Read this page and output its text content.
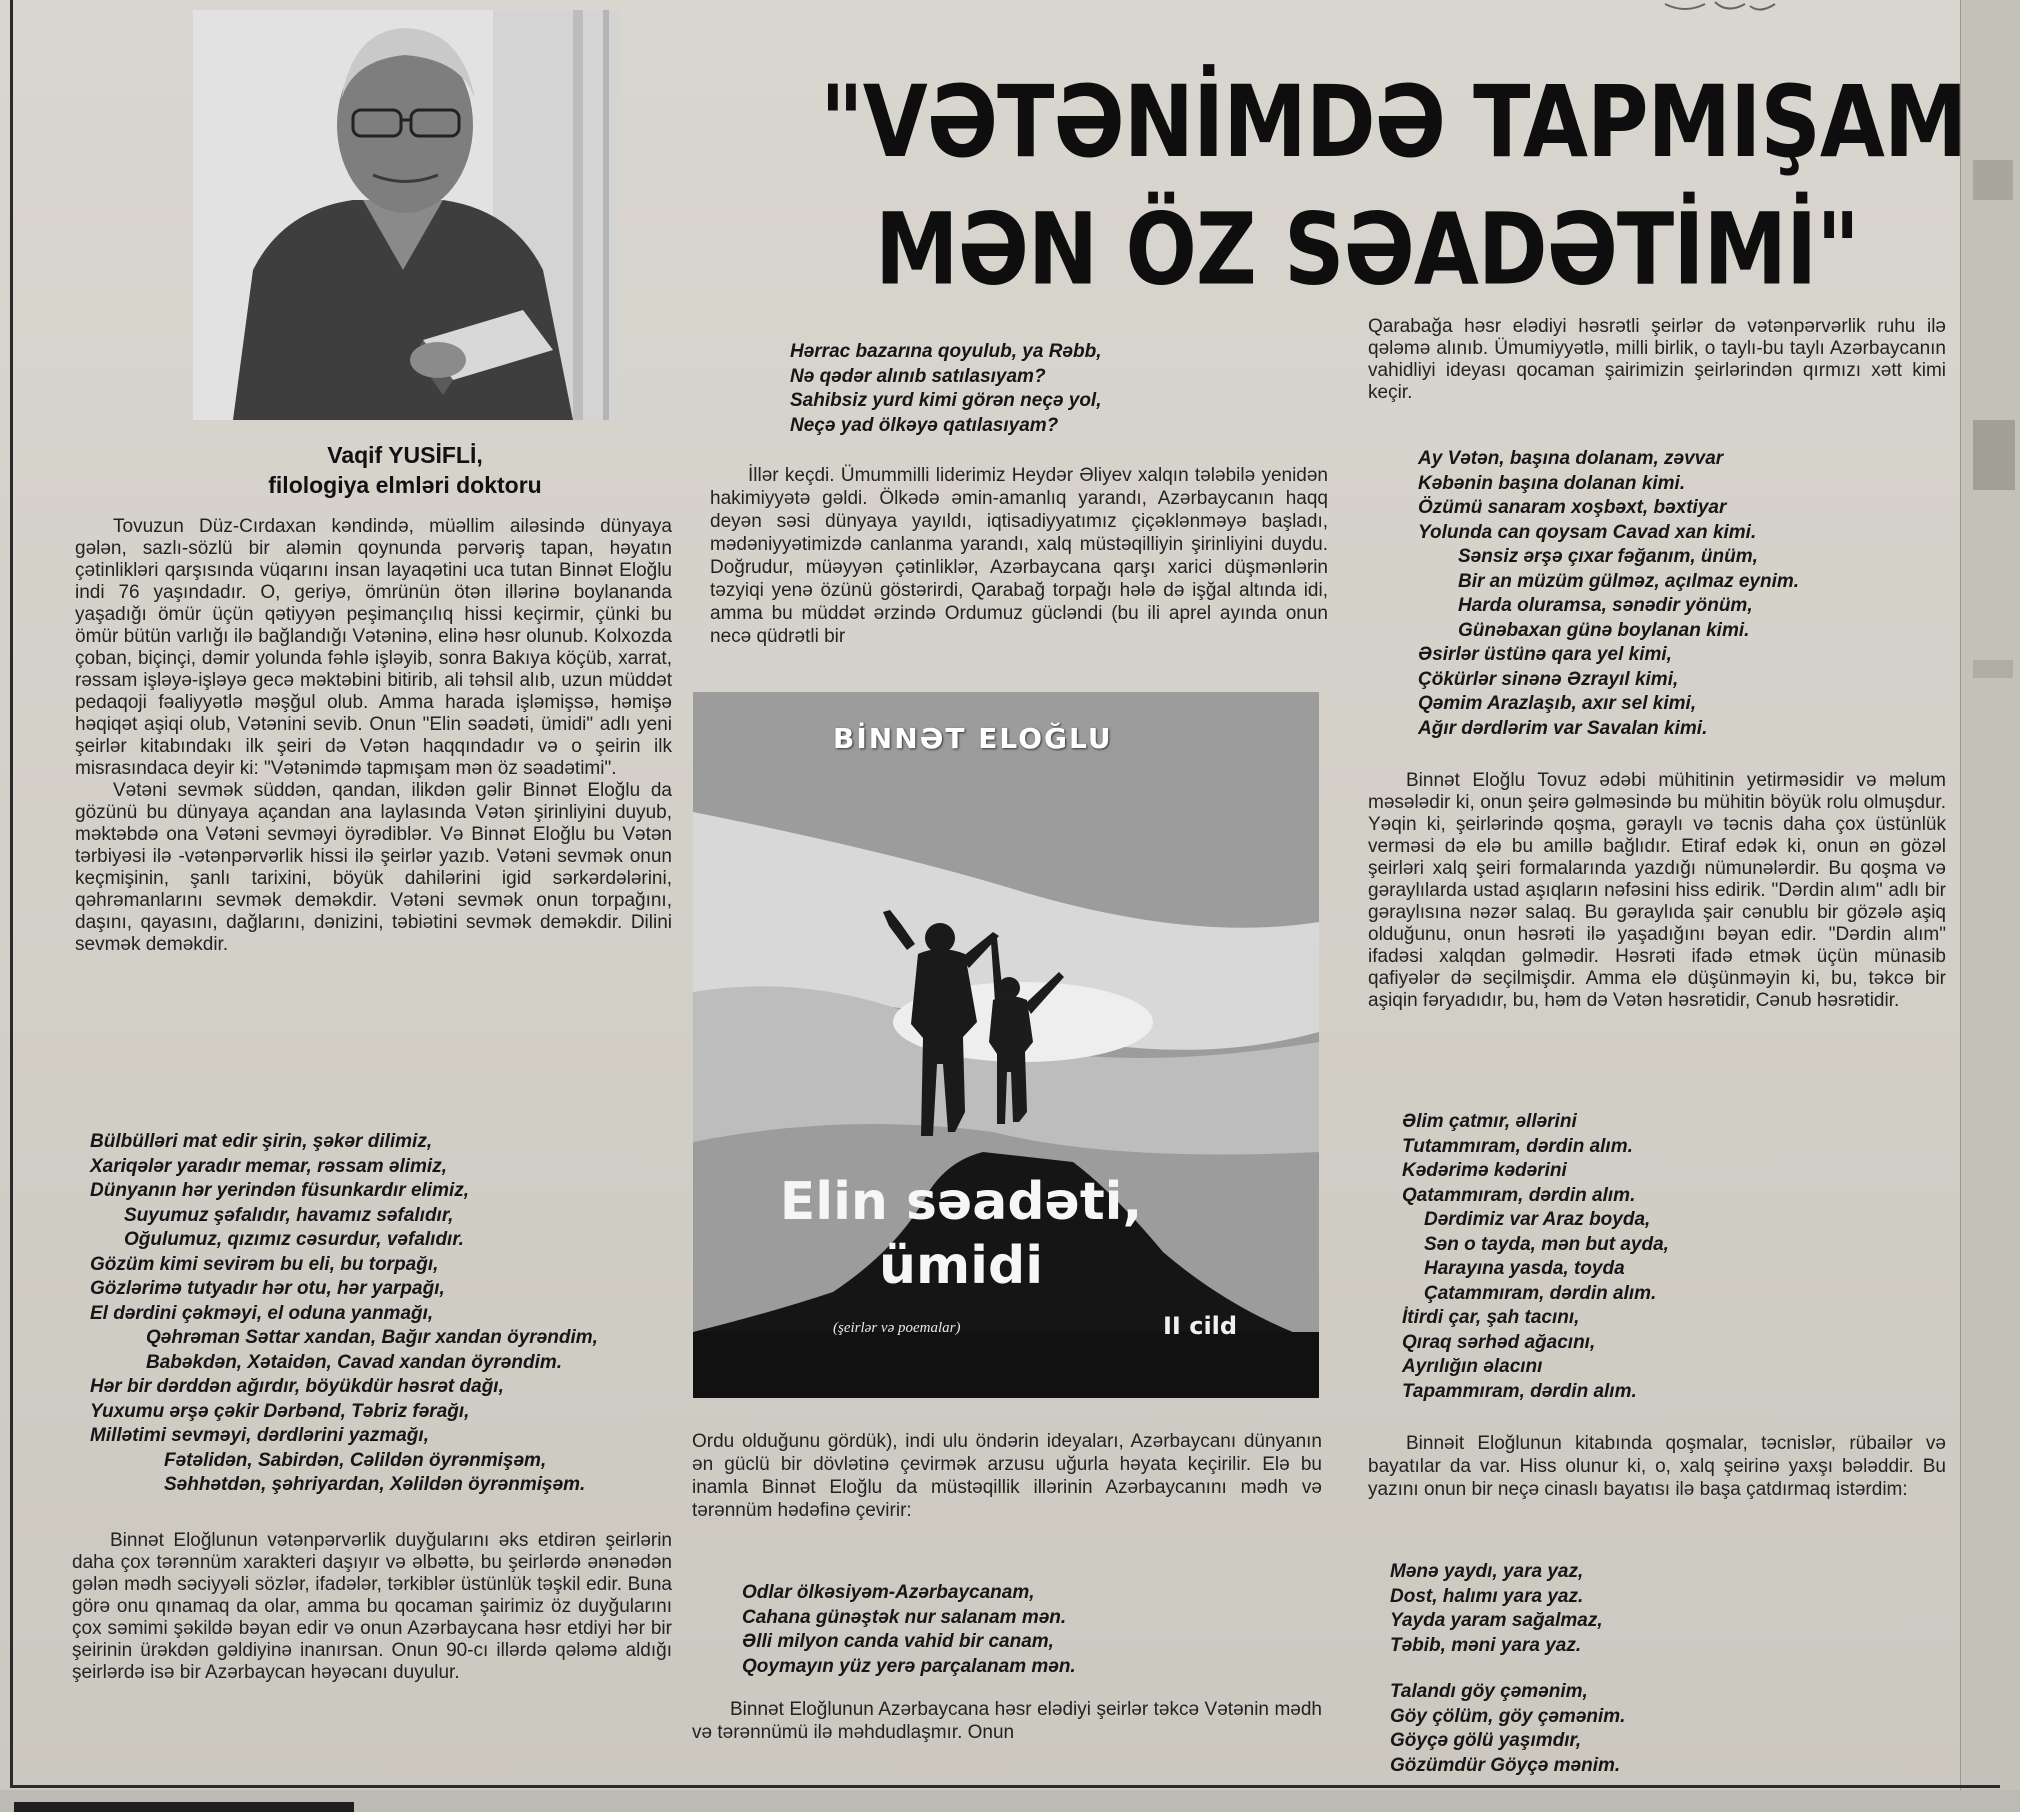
Vaqif YUSİFLİ,
filologiya elmləri doktoru
"VƏTƏNİMDƏ TAPMIŞAM
MƏN ÖZ SƏADƏTİMİ"

Tovuzun Düz-Cırdaxan kəndində, müəllim ailəsində dünyaya gələn, sazlı-sözlü bir aləmin qoynunda pərvəriş tapan, həyatın çətinlikləri qarşısında vüqarını insan layaqətini uca tutan Binnət Eloğlu indi 76 yaşındadır. O, geriyə, ömrünün ötən illərinə boylananda yaşadığı ömür üçün qətiyyən peşimançılıq hissi keçirmir, çünki bu ömür bütün varlığı ilə bağlandığı Vətəninə, elinə həsr olunub. Kolxozda çoban, biçinçi, dəmir yolunda fəhlə işləyib, sonra Bakıya köçüb, xarrat, rəssam işləyə-işləyə gecə məktəbini bitirib, ali təhsil alıb, uzun müddət pedaqoji fəaliyyətlə məşğul olub. Amma harada işləmişsə, həmişə həqiqət aşiqi olub, Vətənini sevib. Onun "Elin səadəti, ümidi" adlı yeni şeirlər kitabındakı ilk şeiri də Vətən haqqındadır və o şeirin ilk misrasındaca deyir ki: "Vətənimdə tapmışam mən öz səadətimi".

Vətəni sevmək süddən, qandan, ilikdən gəlir Binnət Eloğlu da gözünü bu dünyaya açandan ana laylasında Vətən şirinliyini duyub, məktəbdə ona Vətəni sevməyi öyrədiblər. Və Binnət Eloğlu bu Vətən tərbiyəsi ilə -vətənpərvərlik hissi ilə şeirlər yazıb. Vətəni sevmək onun keçmişinin, şanlı tarixini, böyük dahilərini igid sərkərdələrini, qəhrəmanlarını sevmək deməkdir. Vətəni sevmək onun torpağını, daşını, qayasını, dağlarını, dənizini, təbiətini sevmək deməkdir. Dilini sevmək deməkdir.

Bülbülləri mat edir şirin, şəkər dilimiz,
Xariqələr yaradır memar, rəssam əlimiz,
Dünyanın hər yerindən füsunkardır elimiz,
Suyumuz şəfalıdır, havamız səfalıdır,
Oğulumuz, qızımız cəsurdur, vəfalıdır.
Gözüm kimi sevirəm bu eli, bu torpağı,
Gözlərimə tutyadır hər otu, hər yarpağı,
El dərdini çəkməyi, el oduna yanmağı,
Qəhrəman Səttar xandan, Bağır xandan öyrəndim,
Babəkdən, Xətaidən, Cavad xandan öyrəndim.
Hər bir dərddən ağırdır, böyükdür həsrət dağı,
Yuxumu ərşə çəkir Dərbənd, Təbriz fərağı,
Millətimi sevməyi, dərdlərini yazmağı,
Fətəlidən, Sabirdən, Cəlildən öyrənmişəm,
Səhhətdən, şəhriyardan, Xəlildən öyrənmişəm.

Binnət Eloğlunun vətənpərvərlik duyğularını əks etdirən şeirlərin daha çox tərənnüm xarakteri daşıyır və əlbəttə, bu şeirlərdə ənənədən gələn mədh səciyyəli sözlər, ifadələr, tərkiblər üstünlük təşkil edir. Buna görə onu qınamaq da olar, amma bu qocaman şairimiz öz duyğularını çox səmimi şəkildə bəyan edir və onun Azərbaycana həsr etdiyi hər bir şeirinin ürəkdən gəldiyinə inanırsan. Onun 90-cı illərdə qələmə aldığı şeirlərdə isə bir Azərbaycan həyəcanı duyulur.

Hərrac bazarına qoyulub, ya Rəbb,
Nə qədər alınıb satılasıyam?
Sahibsiz yurd kimi görən neçə yol,
Neçə yad ölkəyə qatılasıyam?

İllər keçdi. Ümummilli liderimiz Heydər Əliyev xalqın tələbilə yenidən hakimiyyətə gəldi. Ölkədə əmin-amanlıq yarandı, Azərbaycanın haqq deyən səsi dünyaya yayıldı, iqtisadiyyatımız çiçəklənməyə başladı, mədəniyyətimizdə canlanma yarandı, xalq müstəqilliyin şirinliyini duydu. Doğrudur, müəyyən çətinliklər, Azərbaycana qarşı xarici düşmənlərin təzyiqi yenə özünü göstərirdi, Qarabağ torpağı hələ də işğal altında idi, amma bu müddət ərzində Ordumuz gücləndi (bu ili aprel ayında onun necə qüdrətli bir

BİNNƏT ELOĞLU
Elin səadəti,
ümidi
(şeirlər və poemalar)	II cild

Ordu olduğunu gördük), indi ulu öndərin ideyaları, Azərbaycanı dünyanın ən güclü bir dövlətinə çevirmək arzusu uğurla həyata keçirilir. Elə bu inamla Binnət Eloğlu da müstəqillik illərinin Azərbaycanını mədh və tərənnüm hədəfinə çevirir:

Odlar ölkəsiyəm-Azərbaycanam,
Cahana günəştək nur salanam mən.
Əlli milyon canda vahid bir canam,
Qoymayın yüz yerə parçalanam mən.

Binnət Eloğlunun Azərbaycana həsr elədiyi şeirlər təkcə Vətənin mədh və tərənnümü ilə məhdudlaşmır. Onun

Qarabağa həsr elədiyi həsrətli şeirlər də vətənpərvərlik ruhu ilə qələmə alınıb. Ümumiyyətlə, milli birlik, o taylı-bu taylı Azərbaycanın vahidliyi ideyası qocaman şairimizin şeirlərindən qırmızı xətt kimi keçir.

Ay Vətən, başına dolanam, zəvvar
Kəbənin başına dolanan kimi.
Özümü sanaram xoşbəxt, bəxtiyar
Yolunda can qoysam Cavad xan kimi.
Sənsiz ərşə çıxar fəğanım, ünüm,
Bir an müzüm gülməz, açılmaz eynim.
Harda oluramsa, sənədir yönüm,
Günəbaxan günə boylanan kimi.
Əsirlər üstünə qara yel kimi,
Çökürlər sinənə Əzrayıl kimi,
Qəmim Arazlaşıb, axır sel kimi,
Ağır dərdlərim var Savalan kimi.

Binnət Eloğlu Tovuz ədəbi mühitinin yetirməsidir və məlum məsələdir ki, onun şeirə gəlməsində bu mühitin böyük rolu olmuşdur. Yəqin ki, şeirlərində qoşma, gəraylı və təcnis daha çox üstünlük verməsi də elə bu amillə bağlıdır. Etiraf edək ki, onun ən gözəl şeirləri xalq şeiri formalarında yazdığı nümunələrdir. Bu qoşma və gəraylılarda ustad aşıqların nəfəsini hiss edirik. "Dərdin alım" adlı bir gəraylısına nəzər salaq. Bu gəraylıda şair cənublu bir gözələ aşiq olduğunu, onun həsrəti ilə yaşadığını bəyan edir. "Dərdin alım" ifadəsi xalqdan gəlmədir. Həsrəti ifadə etmək üçün münasib qafiyələr də seçilmişdir. Amma elə düşünməyin ki, bu, təkcə bir aşiqin fəryadıdır, bu, həm də Vətən həsrətidir, Cənub həsrətidir.

Əlim çatmır, əllərini
Tutammıram, dərdin alım.
Kədərimə kədərini
Qatammıram, dərdin alım.
Dərdimiz var Araz boyda,
Sən o tayda, mən but ayda,
Harayına yasda, toyda
Çatammıram, dərdin alım.
İtirdi çar, şah tacını,
Qıraq sərhəd ağacını,
Ayrılığın əlacını
Tapammıram, dərdin alım.

Binnəit Eloğlunun kitabında qoşmalar, təcnislər, rübailər və bayatılar da var. Hiss olunur ki, o, xalq şeirinə yaxşı bələddir. Bu yazını onun bir neçə cinaslı bayatısı ilə başa çatdırmaq istərdim:

Mənə yaydı, yara yaz,
Dost, halımı yara yaz.
Yayda yaram sağalmaz,
Təbib, məni yara yaz.
Talandı göy çəmənim,
Göy çölüm, göy çəmənim.
Göyçə gölü yaşımdır,
Gözümdür Göyçə mənim.
